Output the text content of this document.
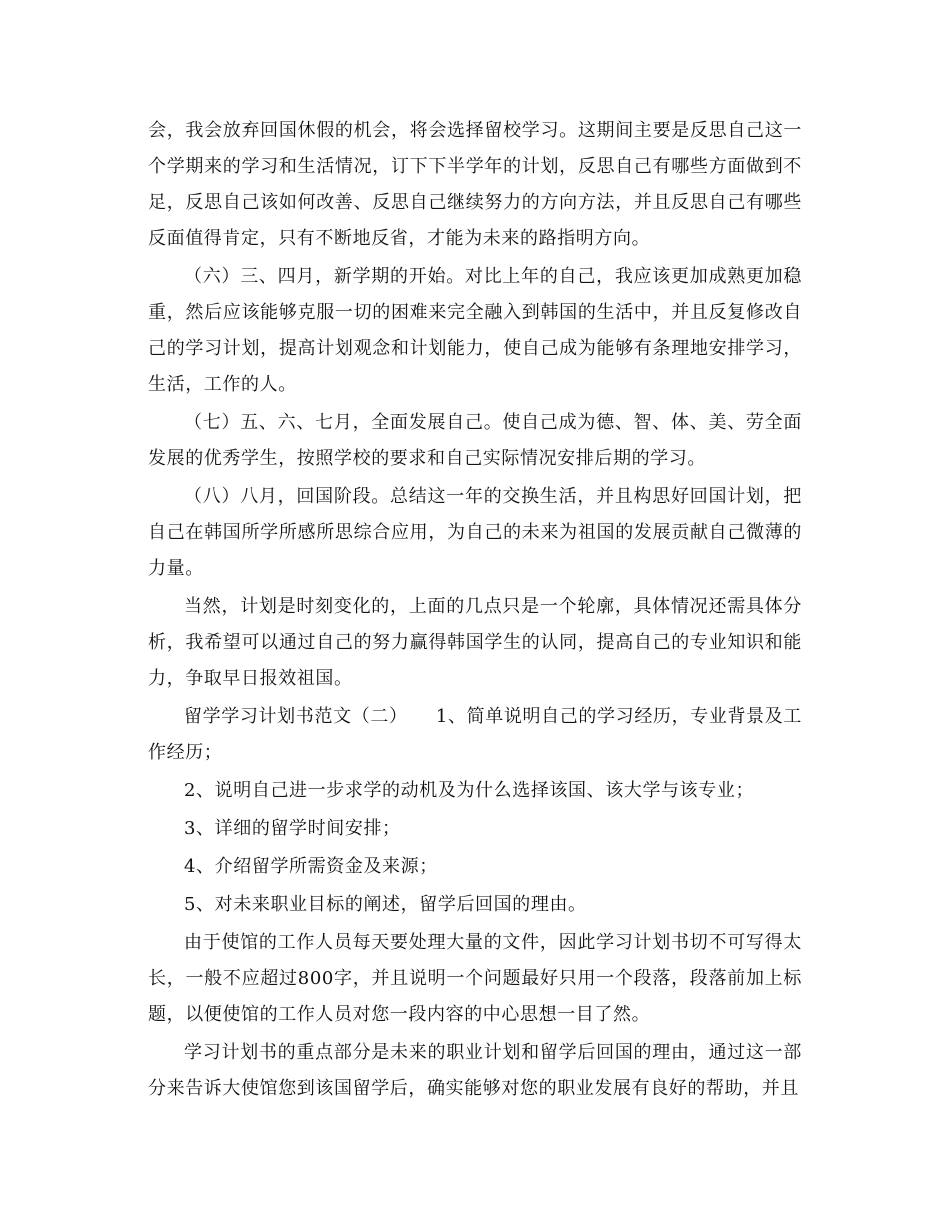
会，我会放弃回国休假的机会，将会选择留校学习。这期间主要是反思自己这一个学期来的学习和生活情况，订下下半学年的计划，反思自己有哪些方面做到不足，反思自己该如何改善、反思自己继续努力的方向方法，并且反思自己有哪些反面值得肯定，只有不断地反省，才能为未来的路指明方向。

（六）三、四月，新学期的开始。对比上年的自己，我应该更加成熟更加稳重，然后应该能够克服一切的困难来完全融入到韩国的生活中，并且反复修改自己的学习计划，提高计划观念和计划能力，使自己成为能够有条理地安排学习，生活，工作的人。

（七）五、六、七月，全面发展自己。使自己成为德、智、体、美、劳全面发展的优秀学生，按照学校的要求和自己实际情况安排后期的学习。

（八）八月，回国阶段。总结这一年的交换生活，并且构思好回国计划，把自己在韩国所学所感所思综合应用，为自己的未来为祖国的发展贡献自己微薄的力量。

当然，计划是时刻变化的，上面的几点只是一个轮廓，具体情况还需具体分析，我希望可以通过自己的努力赢得韩国学生的认同，提高自己的专业知识和能力，争取早日报效祖国。

留学学习计划书范文（二）　　1、简单说明自己的学习经历，专业背景及工作经历；

2、说明自己进一步求学的动机及为什么选择该国、该大学与该专业；

3、详细的留学时间安排；

4、介绍留学所需资金及来源；

5、对未来职业目标的阐述，留学后回国的理由。

由于使馆的工作人员每天要处理大量的文件，因此学习计划书切不可写得太长，一般不应超过800字，并且说明一个问题最好只用一个段落，段落前加上标题，以便使馆的工作人员对您一段内容的中心思想一目了然。

学习计划书的重点部分是未来的职业计划和留学后回国的理由，通过这一部分来告诉大使馆您到该国留学后，确实能够对您的职业发展有良好的帮助，并且
